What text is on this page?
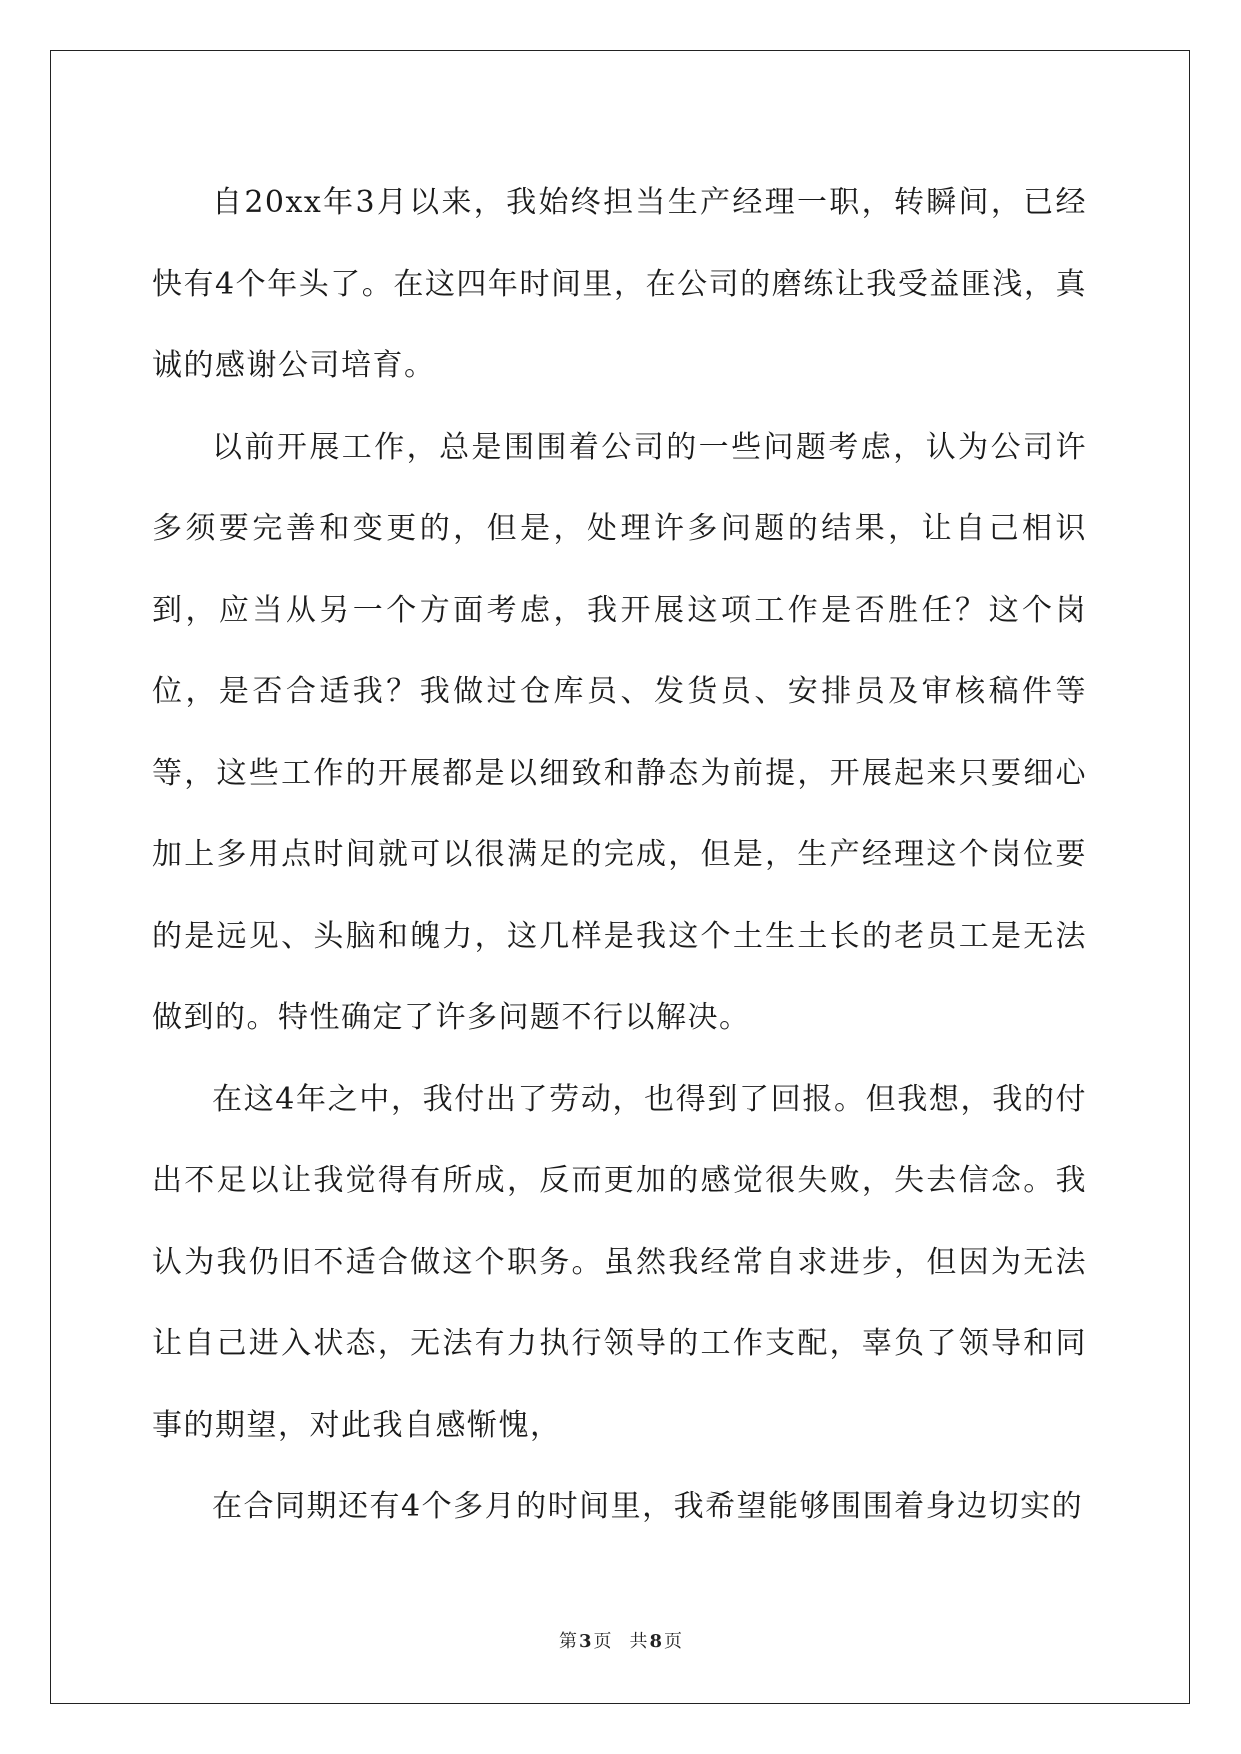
自20xx年3月以来，我始终担当生产经理一职，转瞬间，已经快有4个年头了。在这四年时间里，在公司的磨练让我受益匪浅，真诚的感谢公司培育。

以前开展工作，总是围围着公司的一些问题考虑，认为公司许多须要完善和变更的，但是，处理许多问题的结果，让自己相识到，应当从另一个方面考虑，我开展这项工作是否胜任？这个岗位，是否合适我？我做过仓库员、发货员、安排员及审核稿件等等，这些工作的开展都是以细致和静态为前提，开展起来只要细心加上多用点时间就可以很满足的完成，但是，生产经理这个岗位要的是远见、头脑和魄力，这几样是我这个土生土长的老员工是无法做到的。特性确定了许多问题不行以解决。

在这4年之中，我付出了劳动，也得到了回报。但我想，我的付出不足以让我觉得有所成，反而更加的感觉很失败，失去信念。我认为我仍旧不适合做这个职务。虽然我经常自求进步，但因为无法让自己进入状态，无法有力执行领导的工作支配，辜负了领导和同事的期望，对此我自感惭愧，

在合同期还有4个多月的时间里，我希望能够围围着身边切实的

第 3 页 共 8 页
